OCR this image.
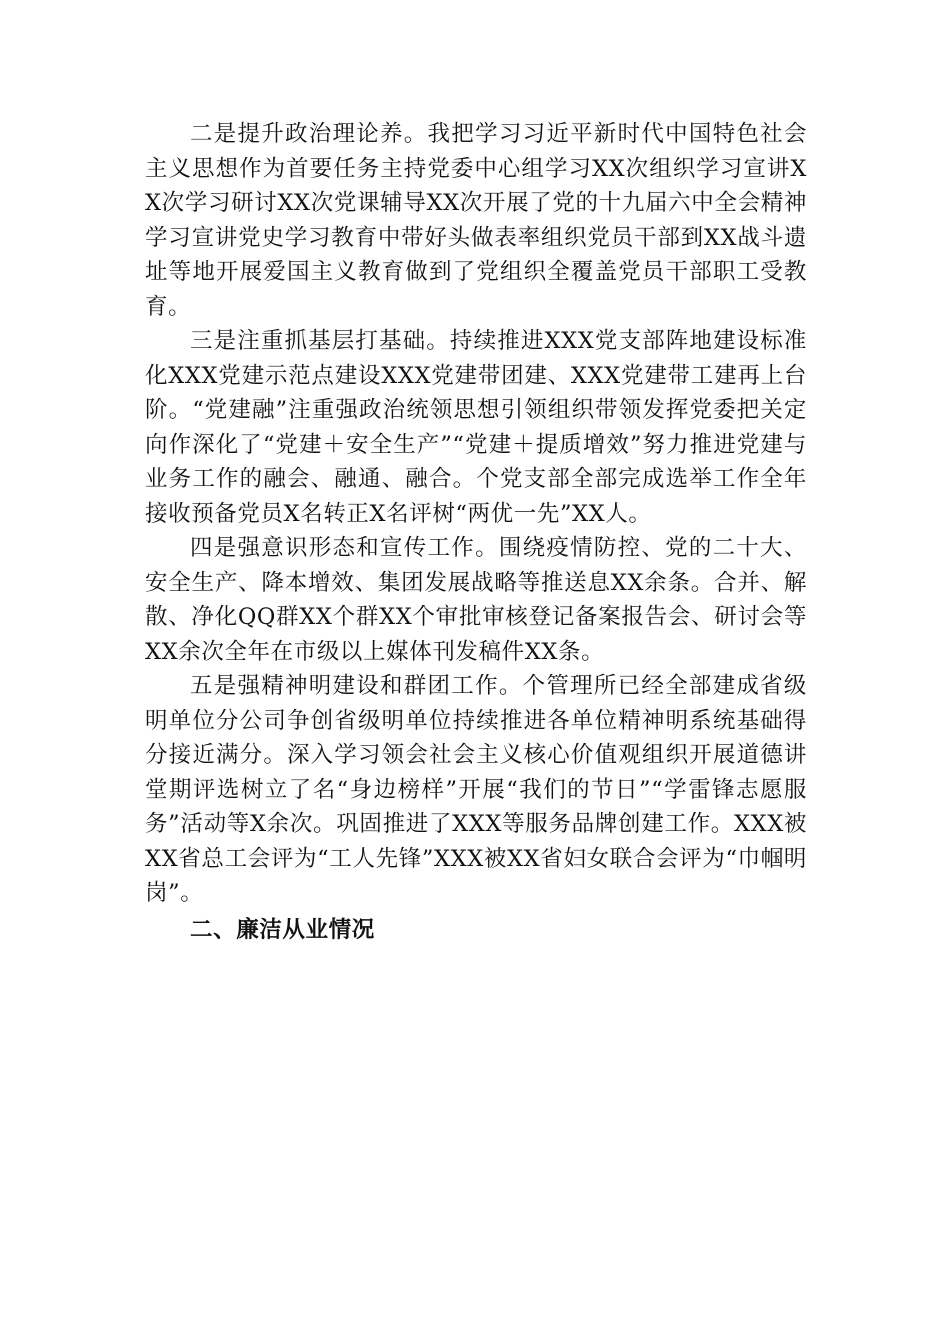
二是提升政治理论养。我把学习习近平新时代中国特色社会主义思想作为首要任务主持党委中心组学习XX次组织学习宣讲XX次学习研讨XX次党课辅导XX次开展了党的十九届六中全会精神学习宣讲党史学习教育中带好头做表率组织党员干部到XX战斗遗址等地开展爱国主义教育做到了党组织全覆盖党员干部职工受教育。

三是注重抓基层打基础。持续推进XXX党支部阵地建设标准化XXX党建示范点建设XXX党建带团建、XXX党建带工建再上台阶。“党建融”注重强政治统领思想引领组织带领发挥党委把关定向作深化了“党建＋安全生产”“党建＋提质增效”努力推进党建与业务工作的融会、融通、融合。个党支部全部完成选举工作全年接收预备党员X名转正X名评树“两优一先”XX人。

四是强意识形态和宣传工作。围绕疫情防控、党的二十大、安全生产、降本增效、集团发展战略等推送息XX余条。合并、解散、净化QQ群XX个群XX个审批审核登记备案报告会、研讨会等XX余次全年在市级以上媒体刊发稿件XX条。

五是强精神明建设和群团工作。个管理所已经全部建成省级明单位分公司争创省级明单位持续推进各单位精神明系统基础得分接近满分。深入学习领会社会主义核心价值观组织开展道德讲堂期评选树立了名“身边榜样”开展“我们的节日”“学雷锋志愿服务”活动等X余次。巩固推进了XXX等服务品牌创建工作。XXX被XX省总工会评为“工人先锋”XXX被XX省妇女联合会评为“巾帼明岗”。

二、廉洁从业情况
